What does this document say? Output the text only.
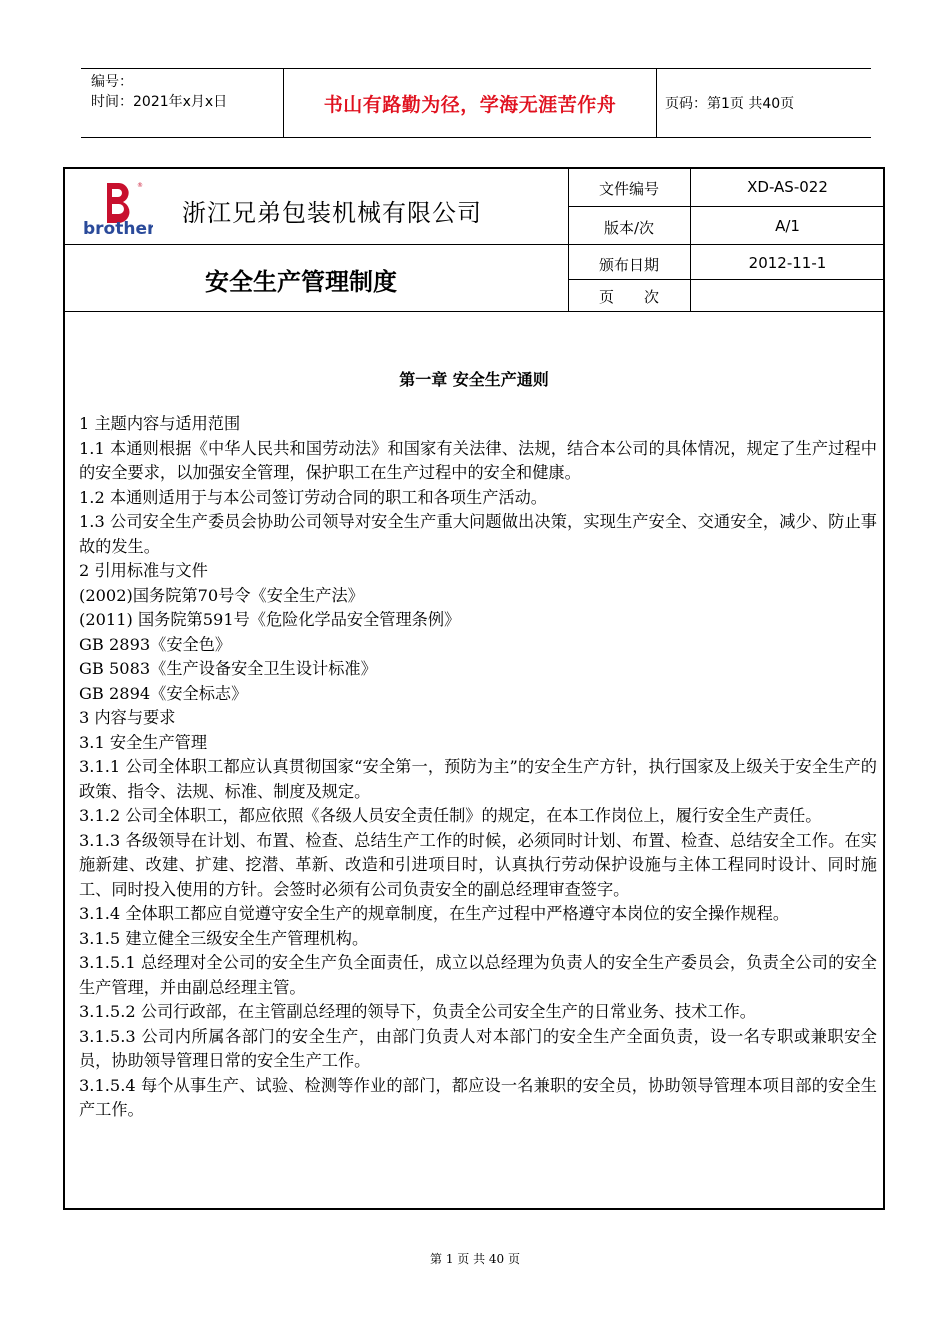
编号：
时间：2021年x月x日	书山有路勤为径，学海无涯苦作舟	页码：第1页 共40页
®
brother
浙江兄弟包装机械有限公司
安全生产管理制度
文件编号	XD-AS-022
版本/次	A/1
颁布日期	2012-11-1
页　　次
第一章 安全生产通则

1 主题内容与适用范围

1.1 本通则根据《中华人民共和国劳动法》和国家有关法律、法规，结合本公司的具体情况，规定了生产过程中的安全要求，以加强安全管理，保护职工在生产过程中的安全和健康。

1.2 本通则适用于与本公司签订劳动合同的职工和各项生产活动。

1.3 公司安全生产委员会协助公司领导对安全生产重大问题做出决策，实现生产安全、交通安全，减少、防止事故的发生。

2 引用标准与文件

(2002)国务院第70号令《安全生产法》

(2011) 国务院第591号《危险化学品安全管理条例》

GB 2893《安全色》

GB 5083《生产设备安全卫生设计标准》

GB 2894《安全标志》

3 内容与要求

3.1 安全生产管理

3.1.1 公司全体职工都应认真贯彻国家“安全第一，预防为主”的安全生产方针，执行国家及上级关于安全生产的政策、指令、法规、标准、制度及规定。

3.1.2 公司全体职工，都应依照《各级人员安全责任制》的规定，在本工作岗位上，履行安全生产责任。

3.1.3 各级领导在计划、布置、检查、总结生产工作的时候，必须同时计划、布置、检查、总结安全工作。在实施新建、改建、扩建、挖潜、革新、改造和引进项目时，认真执行劳动保护设施与主体工程同时设计、同时施工、同时投入使用的方针。会签时必须有公司负责安全的副总经理审查签字。

3.1.4 全体职工都应自觉遵守安全生产的规章制度，在生产过程中严格遵守本岗位的安全操作规程。

3.1.5 建立健全三级安全生产管理机构。

3.1.5.1 总经理对全公司的安全生产负全面责任，成立以总经理为负责人的安全生产委员会，负责全公司的安全生产管理，并由副总经理主管。

3.1.5.2 公司行政部，在主管副总经理的领导下，负责全公司安全生产的日常业务、技术工作。

3.1.5.3 公司内所属各部门的安全生产，由部门负责人对本部门的安全生产全面负责，设一名专职或兼职安全员，协助领导管理日常的安全生产工作。

3.1.5.4 每个从事生产、试验、检测等作业的部门，都应设一名兼职的安全员，协助领导管理本项目部的安全生产工作。

第 1 页 共 40 页
